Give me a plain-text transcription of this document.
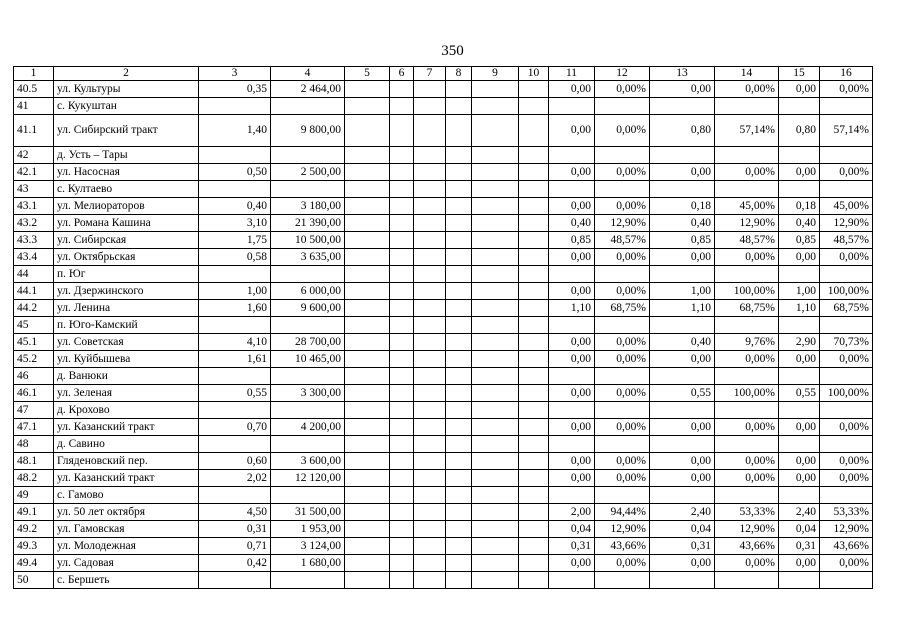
350
1	2	3	4	5	6	7	8	9	10	11	12	13	14	15	16
40.5	ул. Культуры	0,35	2 464,00							0,00	0,00%	0,00	0,00%	0,00	0,00%
41	с. Кукуштан														
41.1	ул. Сибирский тракт	1,40	9 800,00							0,00	0,00%	0,80	57,14%	0,80	57,14%
42	д. Усть – Тары														
42.1	ул. Насосная	0,50	2 500,00							0,00	0,00%	0,00	0,00%	0,00	0,00%
43	с. Култаево														
43.1	ул. Мелиораторов	0,40	3 180,00							0,00	0,00%	0,18	45,00%	0,18	45,00%
43.2	ул. Романа Кашина	3,10	21 390,00							0,40	12,90%	0,40	12,90%	0,40	12,90%
43.3	ул. Сибирская	1,75	10 500,00							0,85	48,57%	0,85	48,57%	0,85	48,57%
43.4	ул. Октябрьская	0,58	3 635,00							0,00	0,00%	0,00	0,00%	0,00	0,00%
44	п. Юг														
44.1	ул. Дзержинского	1,00	6 000,00							0,00	0,00%	1,00	100,00%	1,00	100,00%
44.2	ул. Ленина	1,60	9 600,00							1,10	68,75%	1,10	68,75%	1,10	68,75%
45	п. Юго-Камский														
45.1	ул. Советская	4,10	28 700,00							0,00	0,00%	0,40	9,76%	2,90	70,73%
45.2	ул. Куйбышева	1,61	10 465,00							0,00	0,00%	0,00	0,00%	0,00	0,00%
46	д. Ванюки														
46.1	ул. Зеленая	0,55	3 300,00							0,00	0,00%	0,55	100,00%	0,55	100,00%
47	д. Крохово														
47.1	ул. Казанский тракт	0,70	4 200,00							0,00	0,00%	0,00	0,00%	0,00	0,00%
48	д. Савино														
48.1	Гляденовский пер.	0,60	3 600,00							0,00	0,00%	0,00	0,00%	0,00	0,00%
48.2	ул. Казанский тракт	2,02	12 120,00							0,00	0,00%	0,00	0,00%	0,00	0,00%
49	с. Гамово														
49.1	ул. 50 лет октября	4,50	31 500,00							2,00	94,44%	2,40	53,33%	2,40	53,33%
49.2	ул. Гамовская	0,31	1 953,00							0,04	12,90%	0,04	12,90%	0,04	12,90%
49.3	ул. Молодежная	0,71	3 124,00							0,31	43,66%	0,31	43,66%	0,31	43,66%
49.4	ул. Садовая	0,42	1 680,00							0,00	0,00%	0,00	0,00%	0,00	0,00%
50	с. Бершеть														
